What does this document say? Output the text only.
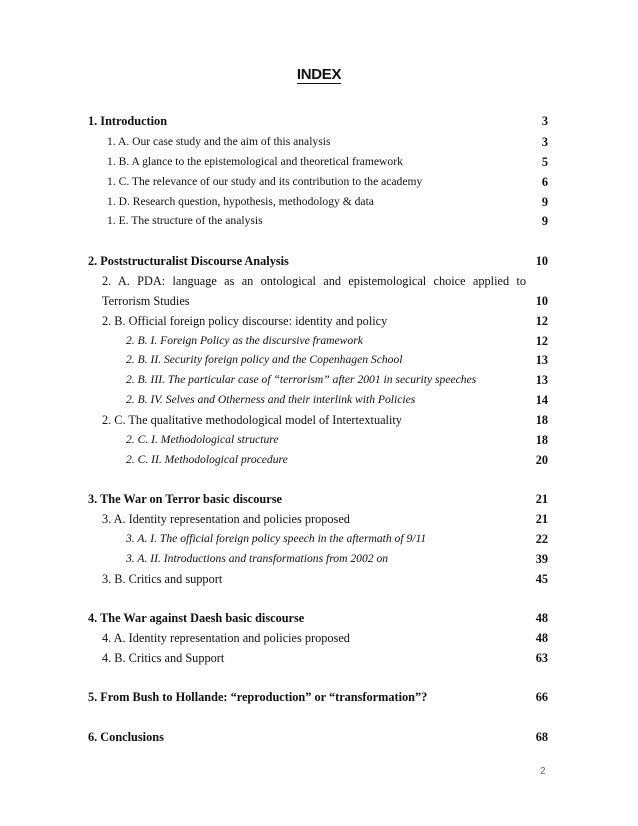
INDEX
1. Introduction	3
1. A. Our case study and the aim of this analysis	3
1. B. A glance to the epistemological and theoretical framework	5
1. C. The relevance of our study and its contribution to the academy	6
1. D. Research question, hypothesis, methodology & data	9
1. E. The structure of the analysis	9
2. Poststructuralist Discourse Analysis	10
2. A. PDA: language as an ontological and epistemological choice applied to
Terrorism Studies	10
2. B. Official foreign policy discourse: identity and policy	12
2. B. I. Foreign Policy as the discursive framework	12
2. B. II. Security foreign policy and the Copenhagen School	13
2. B. III. The particular case of “terrorism” after 2001 in security speeches	13
2. B. IV. Selves and Otherness and their interlink with Policies	14
2. C. The qualitative methodological model of Intertextuality	18
2. C. I. Methodological structure	18
2. C. II. Methodological procedure	20
3. The War on Terror basic discourse	21
3. A. Identity representation and policies proposed	21
3. A. I. The official foreign policy speech in the aftermath of 9/11	22
3. A. II. Introductions and transformations from 2002 on	39
3. B. Critics and support	45
4. The War against Daesh basic discourse	48
4. A. Identity representation and policies proposed	48
4. B. Critics and Support	63
5. From Bush to Hollande: “reproduction” or “transformation”?	66
6. Conclusions	68
2
